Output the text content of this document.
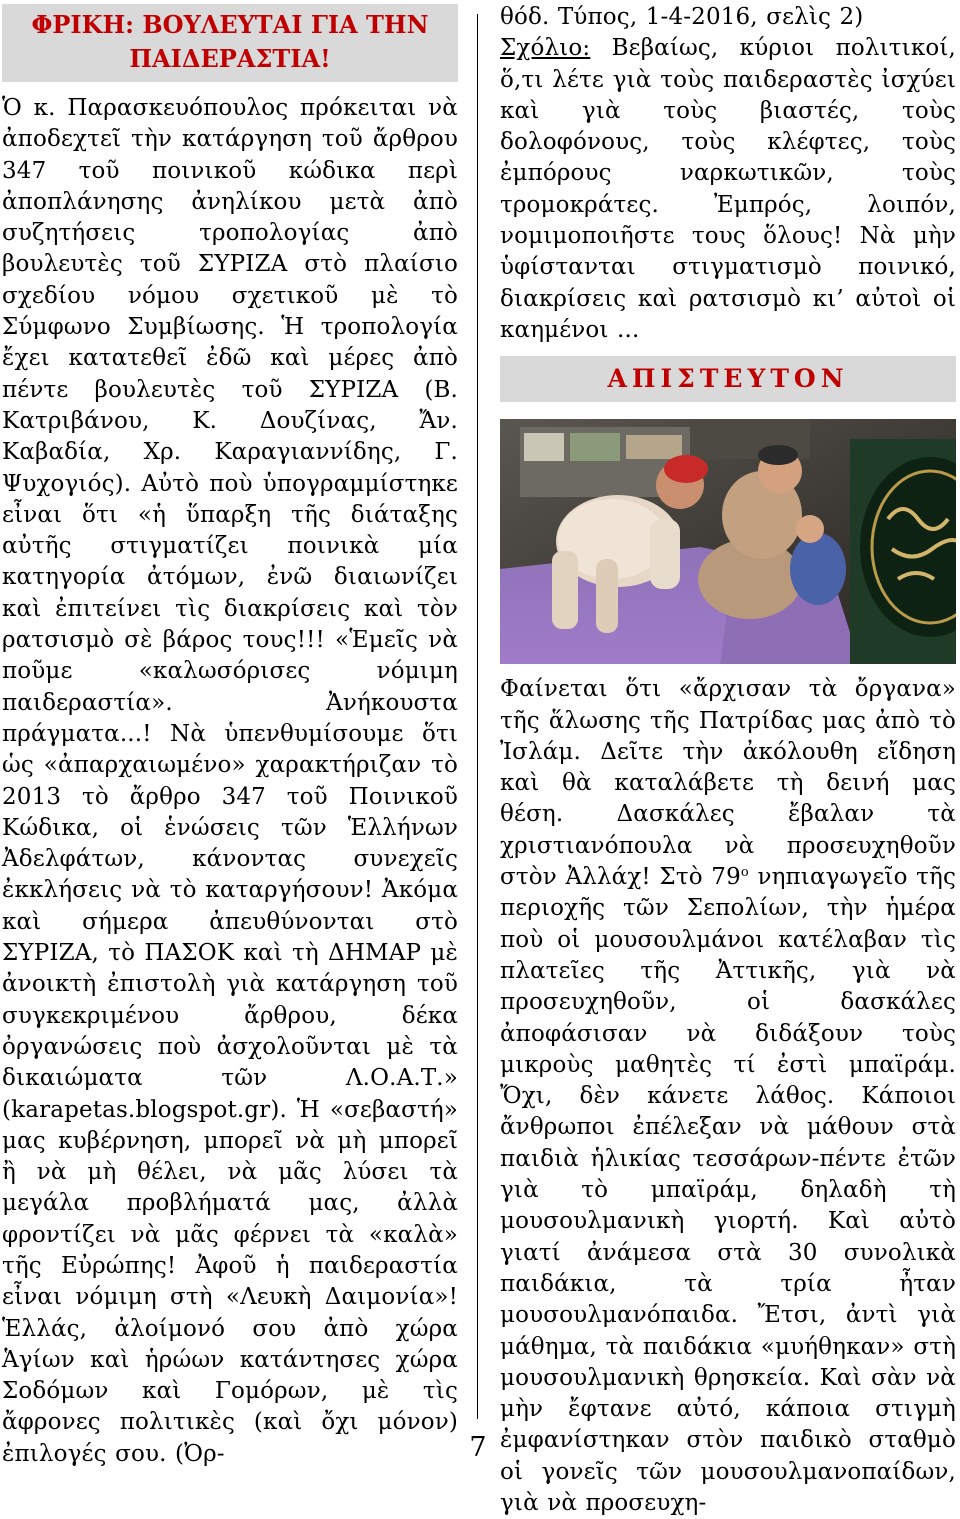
ΦΡΙΚΗ: ΒΟΥΛΕΥΤΑΙ ΓΙΑ ΤΗΝ ΠΑΙΔΕΡΑΣΤΙΑ!

Ὁ κ. Παρασκευόπουλος πρόκειται νὰ ἀποδεχτεῖ τὴν κατάργηση τοῦ ἄρθρου 347 τοῦ ποινικοῦ κώδικα περὶ ἀποπλάνησης ἀνηλίκου μετὰ ἀπὸ συζητήσεις τροπολογίας ἀπὸ βουλευτὲς τοῦ ΣΥΡΙΖΑ στὸ πλαίσιο σχεδίου νόμου σχετικοῦ μὲ τὸ Σύμφωνο Συμβίωσης. Ἡ τροπολογία ἔχει κατατεθεῖ ἐδῶ καὶ μέρες ἀπὸ πέντε βουλευτὲς τοῦ ΣΥΡΙΖΑ (Β. Κατριβάνου, Κ. Δουζίνας, Ἄν. Καβαδία, Χρ. Καραγιαννίδης, Γ. Ψυχογιός). Αὐτὸ ποὺ ὑπογραμμίστηκε εἶναι ὅτι «ἡ ὕπαρξη τῆς διάταξης αὐτῆς στιγματίζει ποινικὰ μία κατηγορία ἀτόμων, ἐνῶ διαιωνίζει καὶ ἐπιτείνει τὶς διακρίσεις καὶ τὸν ρατσισμὸ σὲ βάρος τους!!! «Ἑμεῖς νὰ ποῦμε «καλωσόρισες νόμιμη παιδεραστία». Ἀνήκουστα πράγματα...! Νὰ ὑπενθυμίσουμε ὅτι ὡς «ἀπαρχαιωμένο» χαρακτήριζαν τὸ 2013 τὸ ἄρθρο 347 τοῦ Ποινικοῦ Κώδικα, οἱ ἑνώσεις τῶν Ἑλλήνων Ἀδελφάτων, κάνοντας συνεχεῖς ἐκκλήσεις νὰ τὸ καταργήσουν! Ἀκόμα καὶ σήμερα ἀπευθύνονται στὸ ΣΥΡΙΖΑ, τὸ ΠΑΣΟΚ καὶ τὴ ΔΗΜΑΡ μὲ ἀνοικτὴ ἐπιστολὴ γιὰ κατάργηση τοῦ συγκεκριμένου ἄρθρου, δέκα ὀργανώσεις ποὺ ἀσχολοῦνται μὲ τὰ δικαιώματα τῶν Λ.Ο.Α.Τ.» (karapetas.blogspot.gr). Ἡ «σεβαστή» μας κυβέρνηση, μπορεῖ νὰ μὴ μπορεῖ ἢ νὰ μὴ θέλει, νὰ μᾶς λύσει τὰ μεγάλα προβλήματά μας, ἀλλὰ φροντίζει νὰ μᾶς φέρνει τὰ «καλὰ» τῆς Εὐρώπης! Ἀφοῦ ἡ παιδεραστία εἶναι νόμιμη στὴ «Λευκὴ Δαιμονία»! Ἑλλάς, ἀλοίμονό σου ἀπὸ χώρα Ἁγίων καὶ ἡρώων κατάντησες χώρα Σοδόμων καὶ Γομόρων, μὲ τὶς ἄφρονες πολιτικὲς (καὶ ὄχι μόνον) ἐπιλογές σου. (Ὀρ-

θόδ. Τύπος, 1-4-2016, σελὶς 2)
Σχόλιο: Βεβαίως, κύριοι πολιτικοί, ὅ,τι λέτε γιὰ τοὺς παιδεραστὲς ἰσχύει καὶ γιὰ τοὺς βιαστές, τοὺς δολοφόνους, τοὺς κλέφτες, τοὺς ἐμπόρους ναρκωτικῶν, τοὺς τρομοκράτες. Ἐμπρός, λοιπόν, νομιμοποιῆστε τους ὅλους! Νὰ μὴν ὑφίστανται στιγματισμὸ ποινικό, διακρίσεις καὶ ρατσισμὸ κι’ αὐτοὶ οἱ καημένοι ...

ΑΠΙΣΤΕΥΤΟΝ

Φαίνεται ὅτι «ἄρχισαν τὰ ὄργανα» τῆς ἅλωσης τῆς Πατρίδας μας ἀπὸ τὸ Ἰσλάμ. Δεῖτε τὴν ἀκόλουθη εἴδηση καὶ θὰ καταλάβετε τὴ δεινή μας θέση. Δασκάλες ἔβαλαν τὰ χριστιανόπουλα νὰ προσευχηθοῦν στὸν Ἀλλάχ! Στὸ $79^o$ νηπιαγωγεῖο τῆς περιοχῆς τῶν Σεπολίων, τὴν ἡμέρα ποὺ οἱ μουσουλμάνοι κατέλαβαν τὶς πλατεῖες τῆς Ἀττικῆς, γιὰ νὰ προσευχηθοῦν, οἱ δασκάλες ἀποφάσισαν νὰ διδάξουν τοὺς μικροὺς μαθητὲς τί ἐστὶ μπαϊράμ. Ὄχι, δὲν κάνετε λάθος. Κάποιοι ἄνθρωποι ἐπέλεξαν νὰ μάθουν στὰ παιδιὰ ἡλικίας τεσσάρων-πέντε ἐτῶν γιὰ τὸ μπαϊράμ, δηλαδὴ τὴ μουσουλμανικὴ γιορτή. Καὶ αὐτὸ γιατί ἀνάμεσα στὰ 30 συνολικὰ παιδάκια, τὰ τρία ἦταν μουσουλμανόπαιδα. Ἔτσι, ἀντὶ γιὰ μάθημα, τὰ παιδάκια «μυήθηκαν» στὴ μουσουλμανικὴ θρησκεία. Καὶ σὰν νὰ μὴν ἔφτανε αὐτό, κάποια στιγμὴ ἐμφανίστηκαν στὸν παιδικὸ σταθμὸ οἱ γονεῖς τῶν μουσουλμανοπαίδων, γιὰ νὰ προσευχη-

7
